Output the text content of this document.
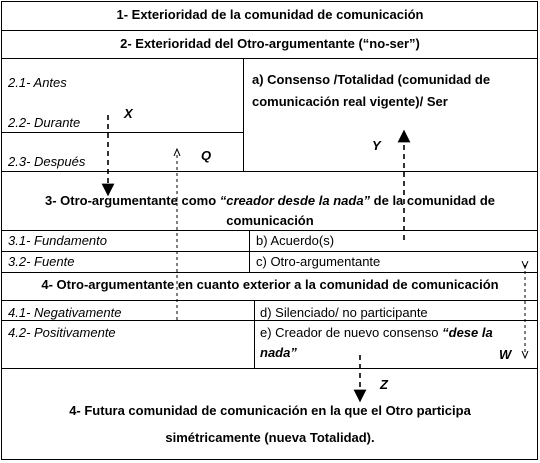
1- Exterioridad de la comunidad de comunicación
2- Exterioridad del Otro-argumentante (“no-ser”)
3- Otro-argumentante como “creador desde la nada” de la comunidad de
comunicación
4- Otro-argumentante en cuanto exterior a la comunidad de comunicación
4- Futura comunidad de comunicación en la que el Otro participa
simétricamente (nueva Totalidad).
2.1- Antes
2.2- Durante
2.3- Después
3.1- Fundamento
3.2- Fuente
4.1- Negativamente
4.2- Positivamente
a) Consenso /Totalidad (comunidad de
comunicación real vigente)/ Ser
b) Acuerdo(s)
c) Otro-argumentante
d) Silenciado/ no participante
e) Creador de nuevo consenso “dese la
nada”
X
Y
Q
W
Z
